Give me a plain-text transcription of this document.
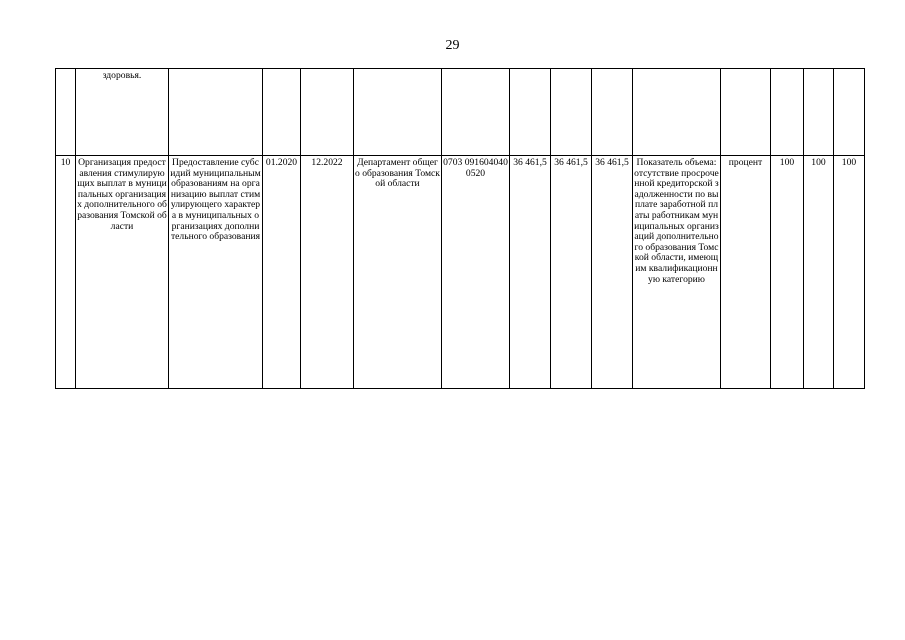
29
	здоровья.													
10	Организация предоставления стимулирующих выплат в муниципальных организациях дополнительного образования Томской области	Предоставление субсидий муниципальным образованиям на организацию выплат стимулирующего характера в муниципальных организациях дополнительного образования	01.2020	12.2022	Департамент общего образования Томской области	0703 0916040400520	36 461,5	36 461,5	36 461,5	Показатель объема: отсутствие просроченной кредиторской задолженности по выплате заработной платы работникам муниципальных организаций дополнительного образования Томской области, имеющим квалификационную категорию	процент	100	100	100
